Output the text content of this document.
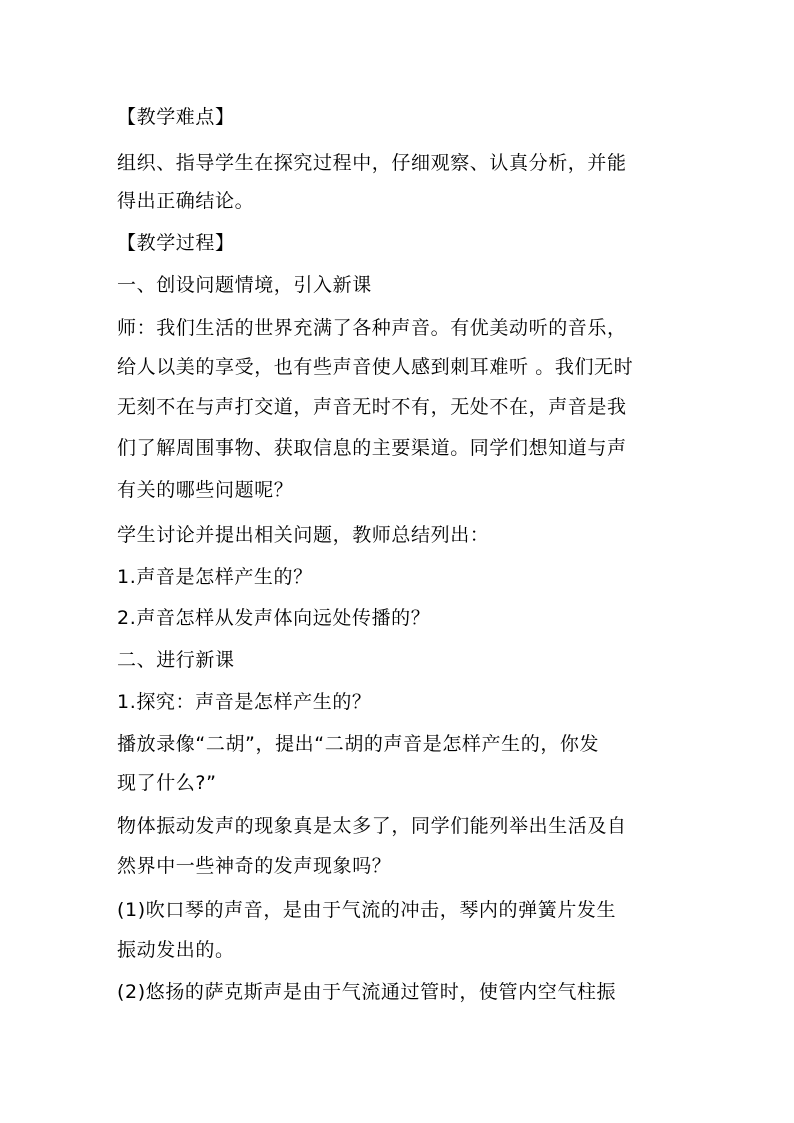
【教学难点】
组织、指导学生在探究过程中，仔细观察、认真分析，并能
得出正确结论。
【教学过程】
一、创设问题情境，引入新课
师：我们生活的世界充满了各种声音。有优美动听的音乐，
给人以美的享受，也有些声音使人感到刺耳难听 。我们无时
无刻不在与声打交道，声音无时不有，无处不在，声音是我
们了解周围事物、获取信息的主要渠道。同学们想知道与声
有关的哪些问题呢？
学生讨论并提出相关问题，教师总结列出：
1.声音是怎样产生的？
2.声音怎样从发声体向远处传播的？
二、进行新课
1.探究：声音是怎样产生的？
播放录像“二胡”，提出“二胡的声音是怎样产生的，你发
现了什么?”
物体振动发声的现象真是太多了，同学们能列举出生活及自
然界中一些神奇的发声现象吗？
(1)吹口琴的声音，是由于气流的冲击，琴内的弹簧片发生
振动发出的。
(2)悠扬的萨克斯声是由于气流通过管时，使管内空气柱振
